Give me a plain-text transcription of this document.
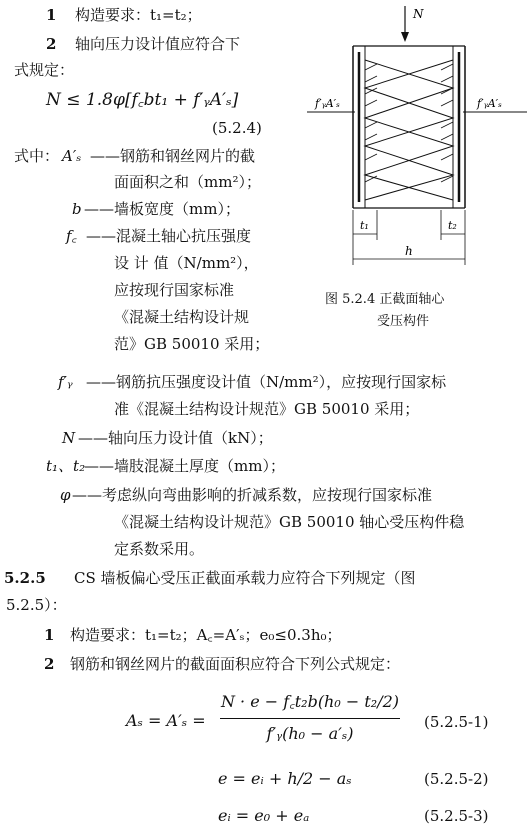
1 构造要求：t₁=t₂；
2 轴向压力设计值应符合下
式规定：
N ≤ 1.8φ[f꜀bt₁ + f′ᵧA′ₛ]
(5.2.4)
式中： A′ₛ ——钢筋和钢丝网片的截
面面积之和（mm²）；
b ——墙板宽度（mm）；
f꜀ ——混凝土轴心抗压强度
设 计 值（N/mm²），
应按现行国家标准
《混凝土结构设计规
范》GB 50010 采用；
N
f′ᵧA′ₛ	f′ᵧA′ₛ
t₁	t₂
h
图 5.2.4 正截面轴心
受压构件
f′ᵧ ——钢筋抗压强度设计值（N/mm²），应按现行国家标
准《混凝土结构设计规范》GB 50010 采用；
N ——轴向压力设计值（kN）；
t₁、t₂
——墙肢混凝土厚度（mm）；
φ ——考虑纵向弯曲影响的折减系数，应按现行国家标准
《混凝土结构设计规范》GB 50010 轴心受压构件稳
定系数采用。
5.2.5 CS 墙板偏心受压正截面承载力应符合下列规定（图
5.2.5）：
1 构造要求：t₁=t₂；A꜀=A′ₛ；e₀≤0.3h₀；
2 钢筋和钢丝网片的截面面积应符合下列公式规定：
Aₛ = A′ₛ =
N · e − f꜀t₂b(h₀ − t₂/2)
f′ᵧ(h₀ − a′ₛ)
(5.2.5-1)
e = eᵢ + h/2 − aₛ	(5.2.5-2)
eᵢ = e₀ + eₐ	(5.2.5-3)
